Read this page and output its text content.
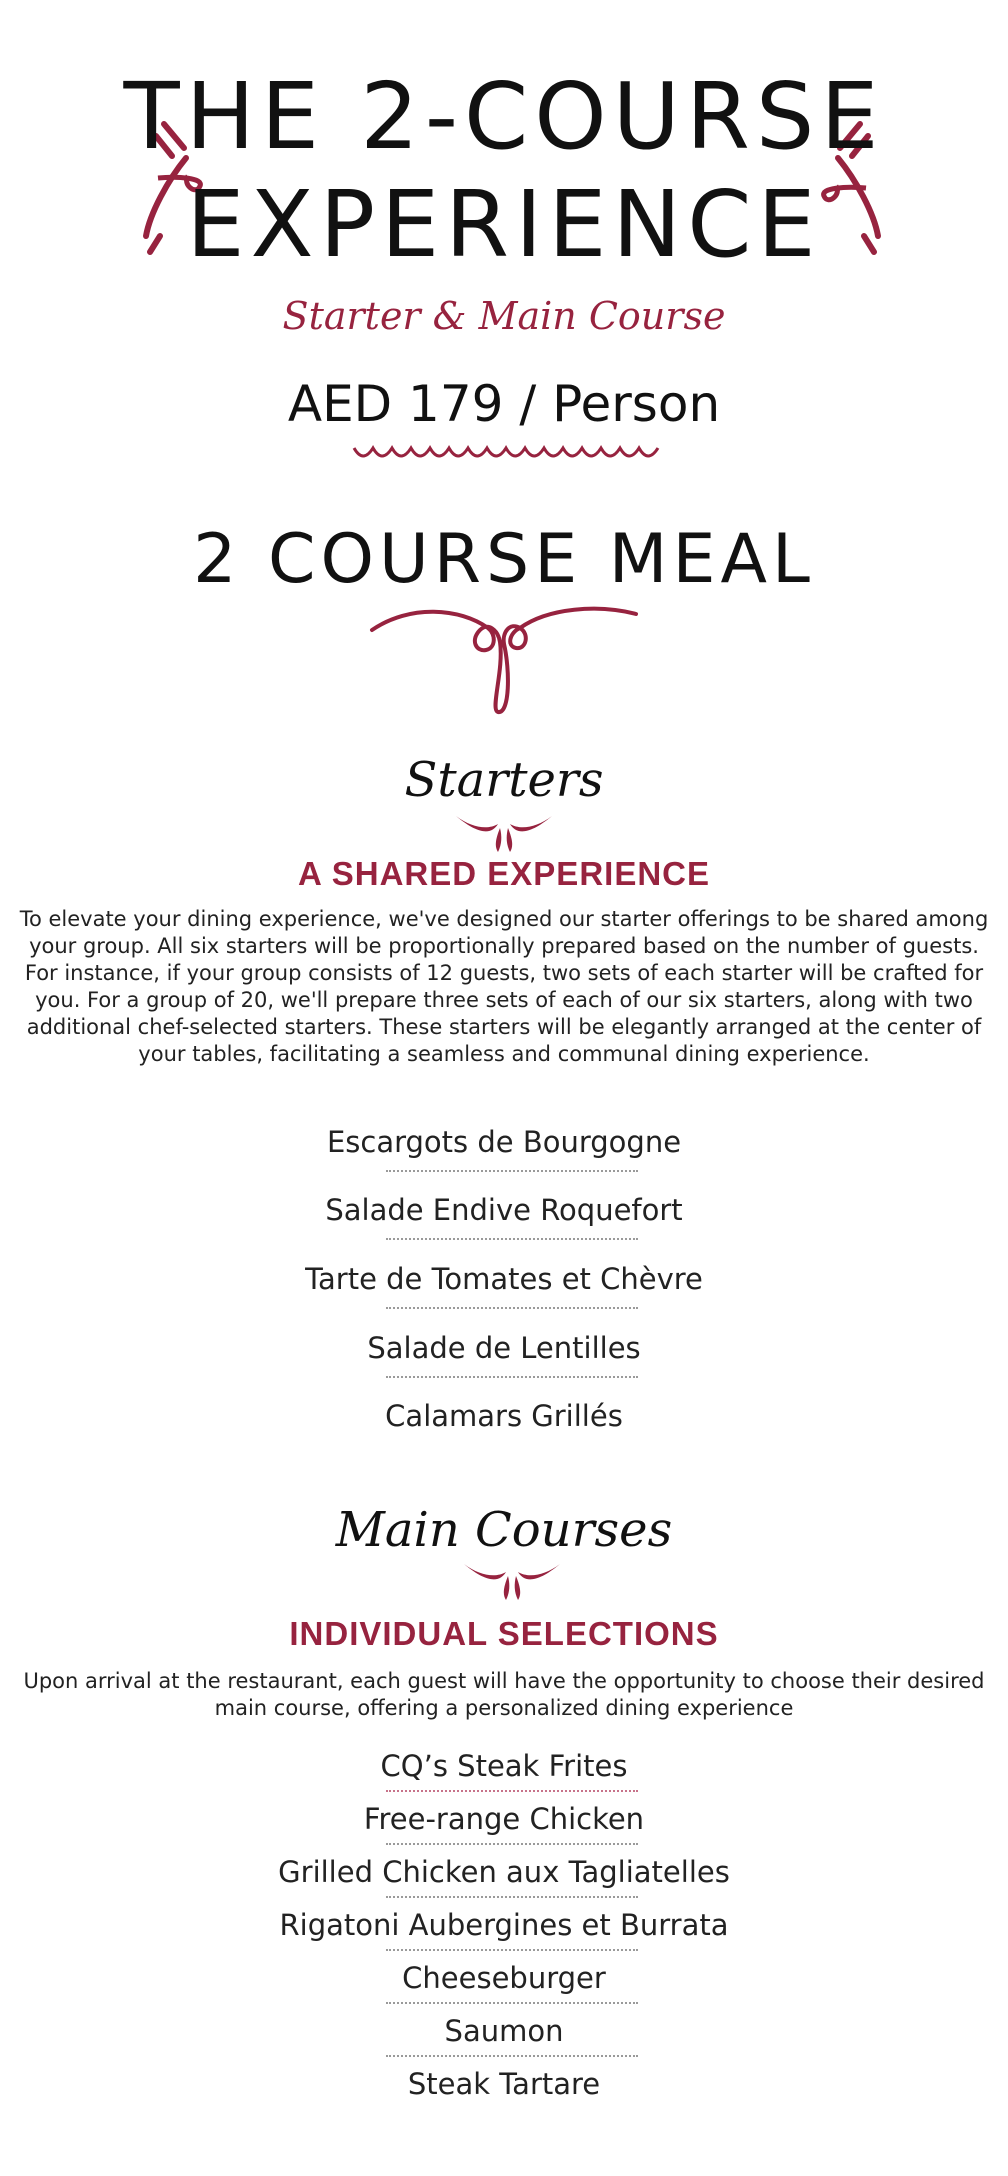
THE 2-COURSE
EXPERIENCE
Starter & Main Course
AED 179 / Person
2 COURSE MEAL
Starters
A SHARED EXPERIENCE
To elevate your dining experience, we've designed our starter offerings to be shared among your group. All six starters will be proportionally prepared based on the number of guests. For instance, if your group consists of 12 guests, two sets of each starter will be crafted for you. For a group of 20, we'll prepare three sets of each of our six starters, along with two additional chef-selected starters. These starters will be elegantly arranged at the center of your tables, facilitating a seamless and communal dining experience.
Escargots de Bourgogne
Salade Endive Roquefort
Tarte de Tomates et Chèvre
Salade de Lentilles
Calamars Grillés
Main Courses
INDIVIDUAL SELECTIONS
Upon arrival at the restaurant, each guest will have the opportunity to choose their desired main course, offering a personalized dining experience
CQ’s Steak Frites
Free-range Chicken
Grilled Chicken aux Tagliatelles
Rigatoni Aubergines et Burrata
Cheeseburger
Saumon
Steak Tartare
